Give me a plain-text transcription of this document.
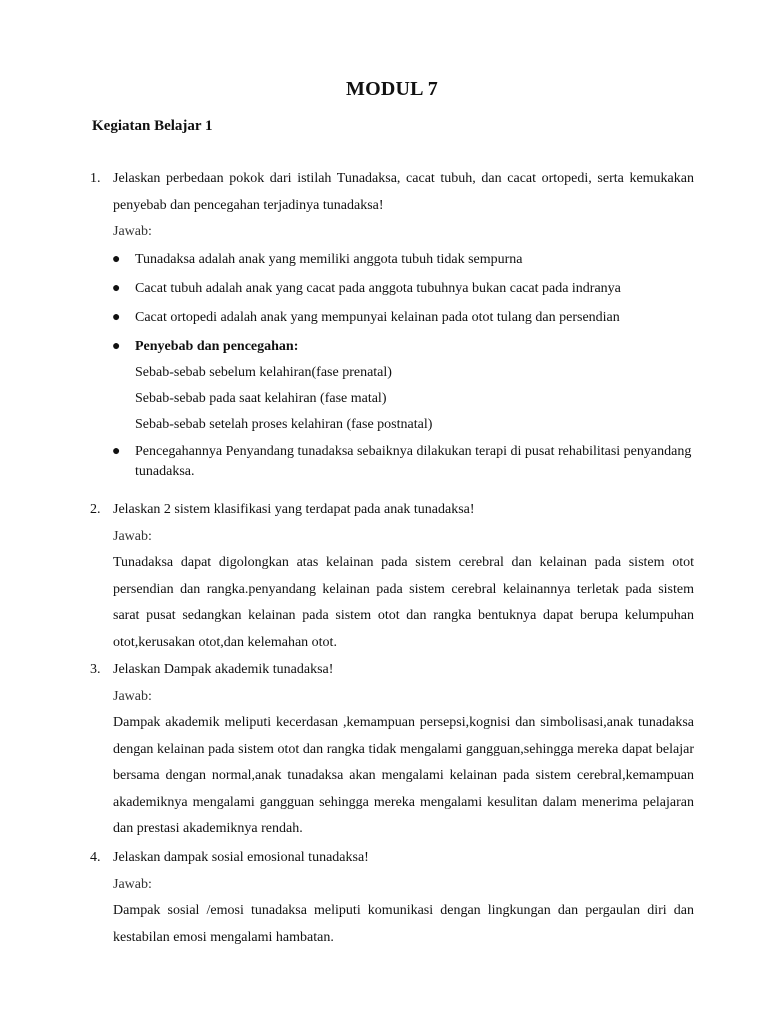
MODUL 7
Kegiatan Belajar 1
1. Jelaskan perbedaan pokok dari istilah Tunadaksa, cacat tubuh, dan cacat ortopedi, serta kemukakan penyebab dan pencegahan terjadinya tunadaksa!
Jawab:
● Tunadaksa adalah anak yang memiliki anggota tubuh tidak sempurna
● Cacat tubuh adalah anak yang cacat pada anggota tubuhnya bukan cacat pada indranya
● Cacat ortopedi adalah anak yang mempunyai kelainan pada otot tulang dan persendian
● Penyebab dan pencegahan:
Sebab-sebab sebelum kelahiran(fase prenatal)
Sebab-sebab pada saat kelahiran (fase matal)
Sebab-sebab setelah proses kelahiran (fase postnatal)
● Pencegahannya Penyandang tunadaksa sebaiknya dilakukan terapi di pusat rehabilitasi penyandang tunadaksa.
2. Jelaskan 2 sistem klasifikasi yang terdapat pada anak tunadaksa!
Jawab:
Tunadaksa dapat digolongkan atas kelainan pada sistem cerebral dan kelainan pada sistem otot persendian dan rangka.penyandang kelainan pada sistem cerebral kelainannya terletak pada sistem sarat pusat sedangkan kelainan pada sistem otot dan rangka bentuknya dapat berupa kelumpuhan otot,kerusakan otot,dan kelemahan otot.
3. Jelaskan Dampak akademik tunadaksa!
Jawab:
Dampak akademik meliputi kecerdasan ,kemampuan persepsi,kognisi dan simbolisasi,anak tunadaksa dengan kelainan pada sistem otot dan rangka tidak mengalami gangguan,sehingga mereka dapat belajar bersama dengan normal,anak tunadaksa akan mengalami kelainan pada sistem cerebral,kemampuan akademiknya mengalami gangguan sehingga mereka mengalami kesulitan dalam menerima pelajaran dan prestasi akademiknya rendah.
4. Jelaskan dampak sosial emosional tunadaksa!
Jawab:
Dampak sosial /emosi tunadaksa meliputi komunikasi dengan lingkungan dan pergaulan diri dan kestabilan emosi mengalami hambatan.
